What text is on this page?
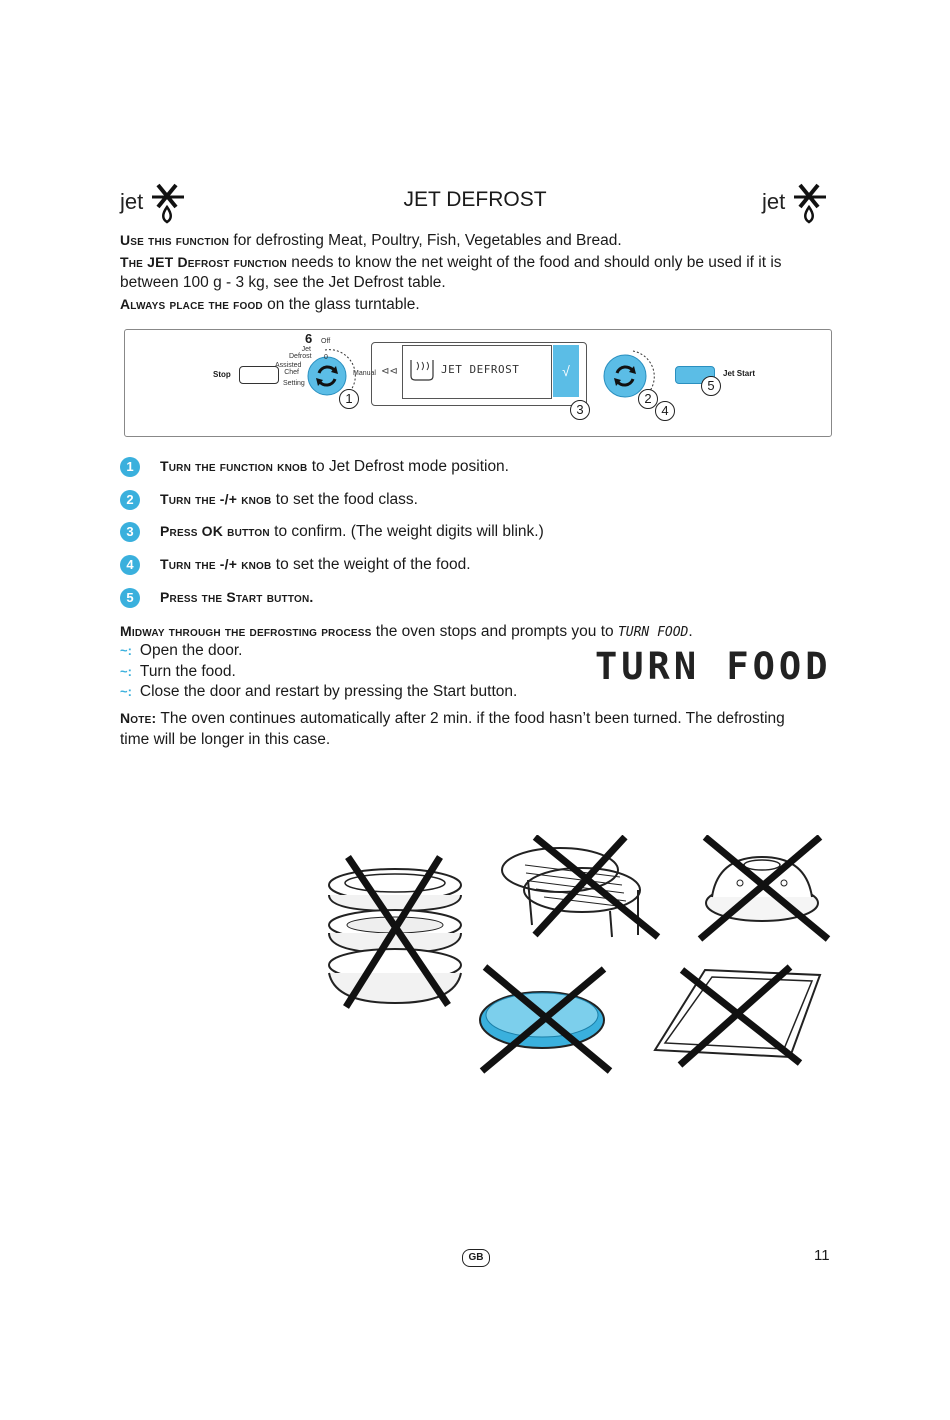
jet	JET DEFROST	jet
Use this function for defrosting Meat, Poultry, Fish, Vegetables and Bread.
The JET Defrost function needs to know the net weight of the food and should only be used if it is
between 100 g - 3 kg, see the Jet Defrost table.
Always place the food on the glass turntable.
Stop
6 Off
Jet Defrost
Assisted Chef
Setting
Manual
0
⊲⊲	JET DEFROST	√	Jet Start
1
3
2
4
5
1	Turn the function knob to Jet Defrost mode position.
2	Turn the -/+ knob to set the food class.
3	Press OK button to confirm. (The weight digits will blink.)
4	Turn the -/+ knob to set the weight of the food.
5	Press the Start button.
Midway through the defrosting process the oven stops and prompts you to TURN FOOD.
~: Open the door.
~: Turn the food.
~: Close the door and restart by pressing the Start button.
TURN FOOD
Note: The oven continues automatically after 2 min. if the food hasn’t been turned. The defrosting
time will be longer in this case.
GB	11
